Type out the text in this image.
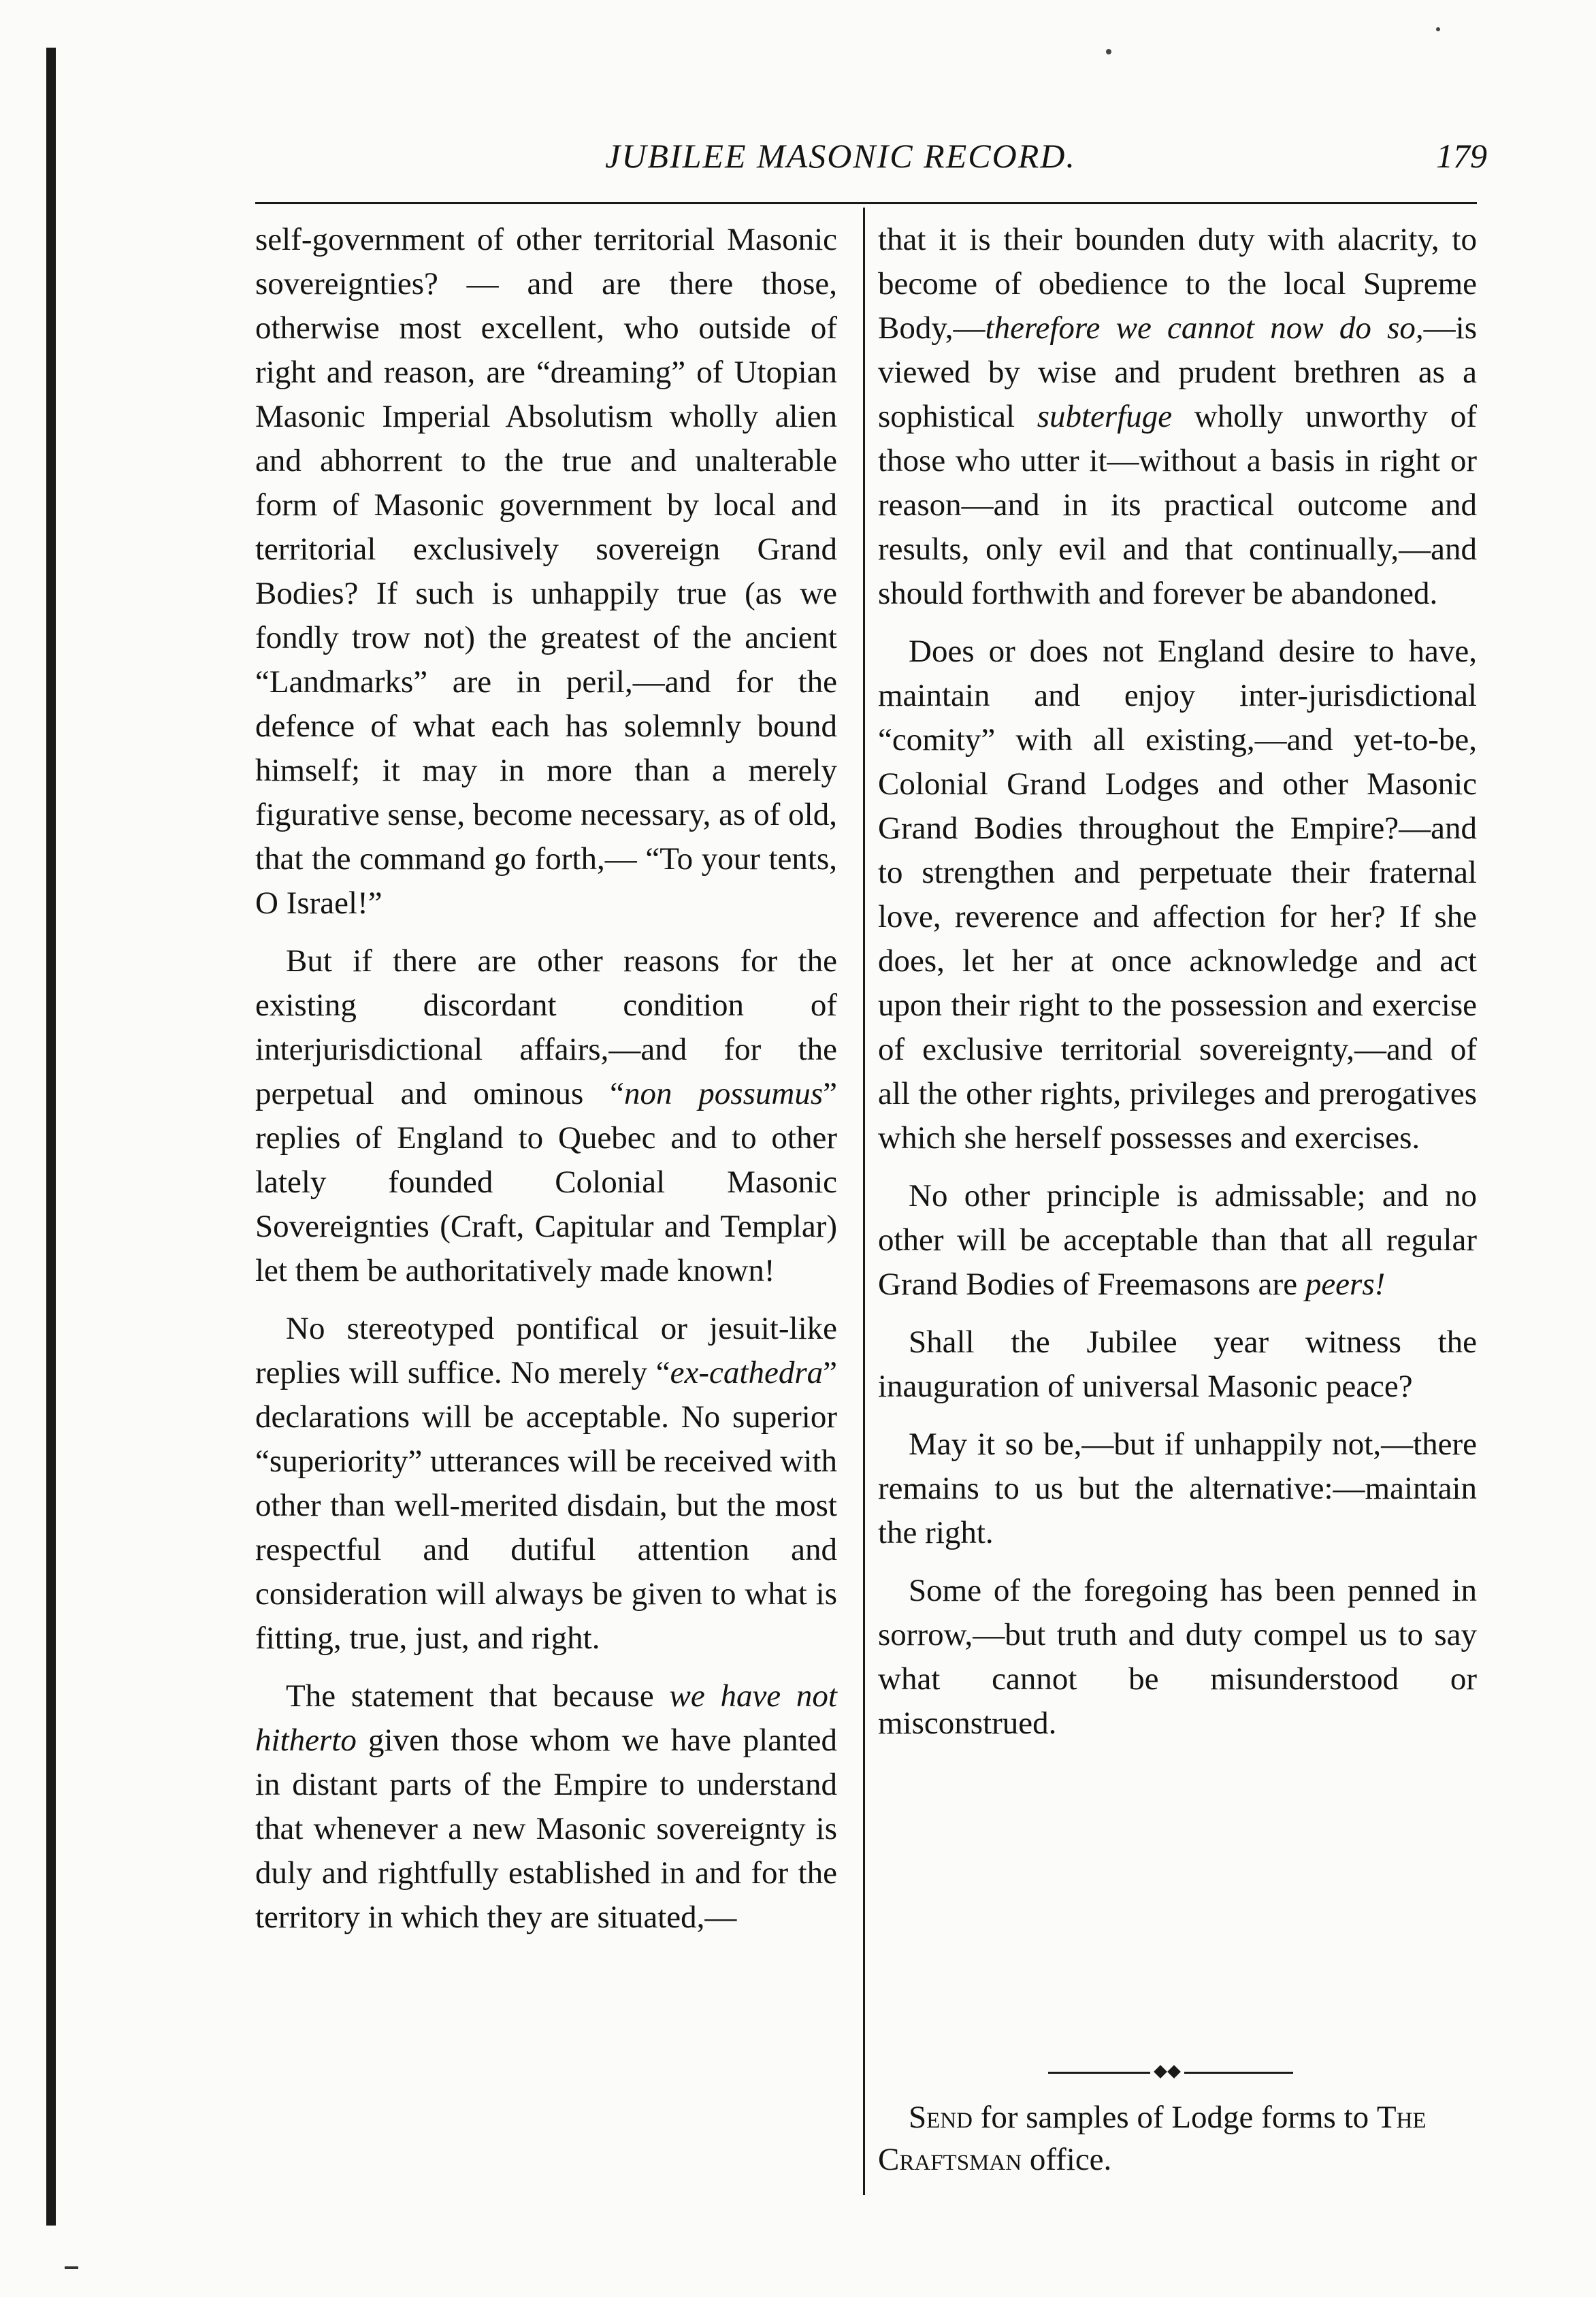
JUBILEE MASONIC RECORD.	179

self-government of other territorial Masonic sovereignties? — and are there those, otherwise most excellent, who outside of right and reason, are “dreaming” of Utopian Masonic Imperial Absolutism wholly alien and abhorrent to the true and unalterable form of Masonic government by local and territorial exclusively sovereign Grand Bodies? If such is unhappily true (as we fondly trow not) the greatest of the ancient “Landmarks” are in peril,—and for the defence of what each has solemnly bound himself; it may in more than a merely figurative sense, become necessary, as of old, that the command go forth,— “To your tents, O Israel!”

But if there are other reasons for the existing discordant condition of interjurisdictional affairs,—and for the perpetual and ominous “non possumus” replies of England to Quebec and to other lately founded Colonial Masonic Sovereignties (Craft, Capitular and Templar) let them be authoritatively made known!

No stereotyped pontifical or jesuit-like replies will suffice. No merely “ex-cathedra” declarations will be acceptable. No superior “superiority” utterances will be received with other than well-merited disdain, but the most respectful and dutiful attention and consideration will always be given to what is fitting, true, just, and right.

The statement that because we have not hitherto given those whom we have planted in distant parts of the Empire to understand that whenever a new Masonic sovereignty is duly and rightfully established in and for the territory in which they are situated,—

that it is their bounden duty with alacrity, to become of obedience to the local Supreme Body,—therefore we cannot now do so,—is viewed by wise and prudent brethren as a sophistical subterfuge wholly unworthy of those who utter it—without a basis in right or reason—and in its practical outcome and results, only evil and that continually,—and should forthwith and forever be abandoned.

Does or does not England desire to have, maintain and enjoy inter-jurisdictional “comity” with all existing,—and yet-to-be, Colonial Grand Lodges and other Masonic Grand Bodies throughout the Empire?—and to strengthen and perpetuate their fraternal love, reverence and affection for her? If she does, let her at once acknowledge and act upon their right to the possession and exercise of exclusive territorial sovereignty,—and of all the other rights, privileges and prerogatives which she herself possesses and exercises.

No other principle is admissable; and no other will be acceptable than that all regular Grand Bodies of Freemasons are peers!

Shall the Jubilee year witness the inauguration of universal Masonic peace?

May it so be,—but if unhappily not,—there remains to us but the alternative:—maintain the right.

Some of the foregoing has been penned in sorrow,—but truth and duty compel us to say what cannot be misunderstood or misconstrued.

Send for samples of Lodge forms to The Craftsman office.
